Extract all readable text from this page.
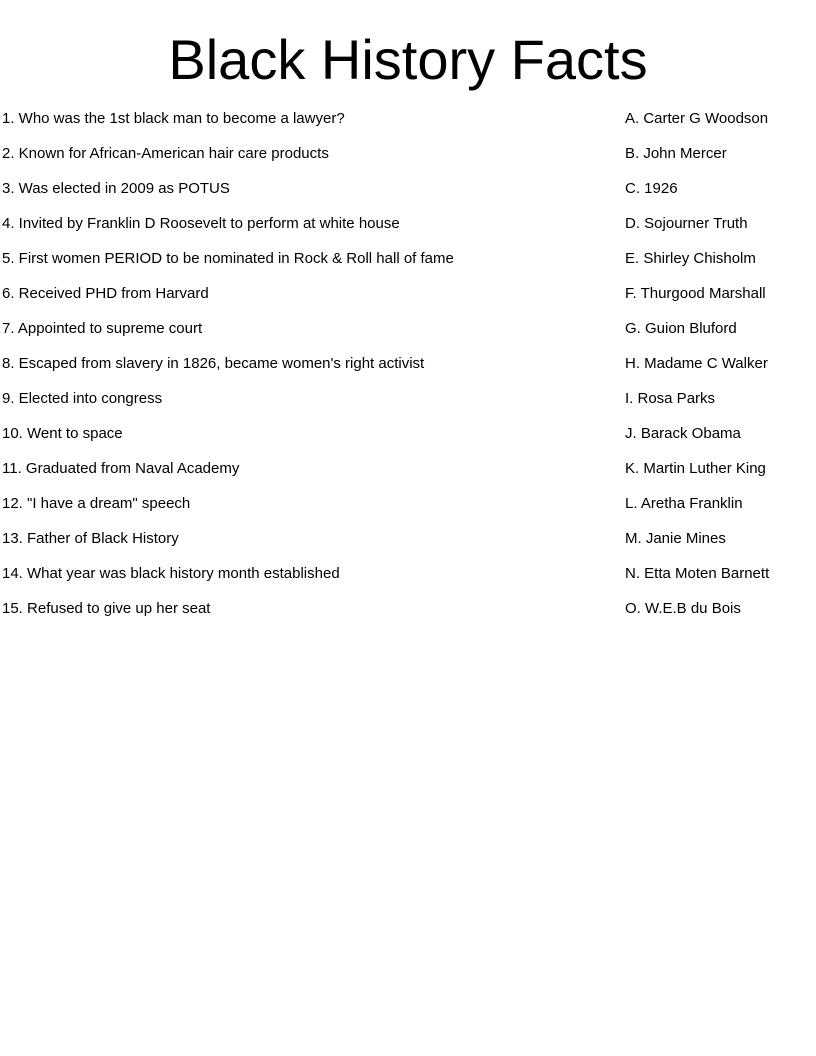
Black History Facts
1. Who was the 1st black man to become a lawyer?	A. Carter G Woodson
2. Known for African-American hair care products	B. John Mercer
3. Was elected in 2009 as POTUS	C. 1926
4. Invited by Franklin D Roosevelt to perform at white house	D. Sojourner Truth
5. First women PERIOD to be nominated in Rock & Roll hall of fame	E. Shirley Chisholm
6. Received PHD from Harvard	F. Thurgood Marshall
7. Appointed to supreme court	G. Guion Bluford
8. Escaped from slavery in 1826, became women's right activist	H. Madame C Walker
9. Elected into congress	I. Rosa Parks
10. Went to space	J. Barack Obama
11. Graduated from Naval Academy	K. Martin Luther King
12. "I have a dream" speech	L. Aretha Franklin
13. Father of Black History	M. Janie Mines
14. What year was black history month established	N. Etta Moten Barnett
15. Refused to give up her seat	O. W.E.B du Bois
